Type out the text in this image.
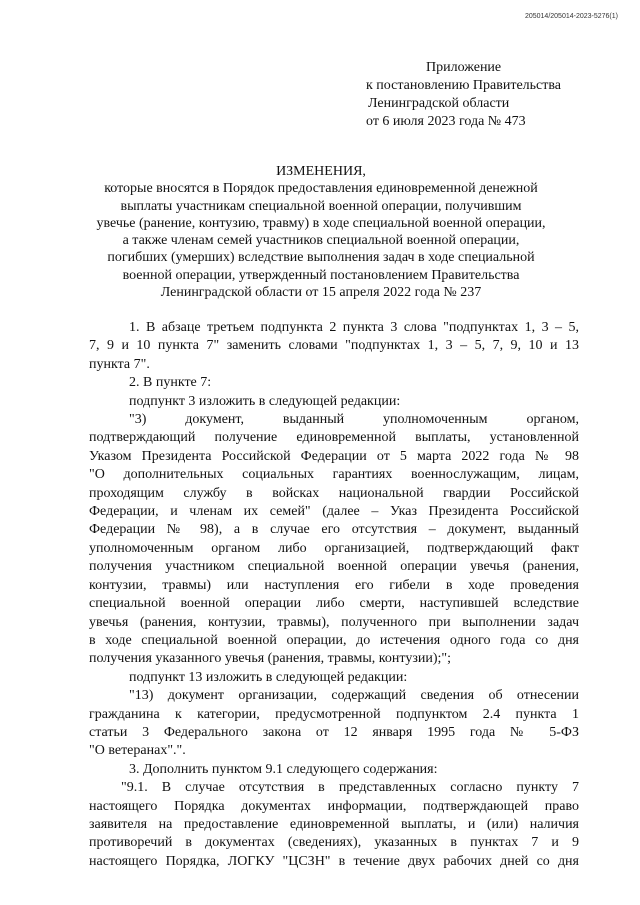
205014/205014-2023-5276(1)
Приложение
к постановлению Правительства
Ленинградской области
от 6 июля 2023 года № 473
ИЗМЕНЕНИЯ,
которые вносятся в Порядок предоставления единовременной денежной
выплаты участникам специальной военной операции, получившим
увечье (ранение, контузию, травму) в ходе специальной военной операции,
а также членам семей участников специальной военной операции,
погибших (умерших) вследствие выполнения задач в ходе специальной
военной операции, утвержденный постановлением Правительства
Ленинградской области от 15 апреля 2022 года № 237
1. В абзаце третьем подпункта 2 пункта 3 слова "подпунктах 1, 3 – 5,
7, 9 и 10 пункта 7" заменить словами "подпунктах 1, 3 – 5, 7, 9, 10 и 13
пункта 7".
2. В пункте 7:
подпункт 3 изложить в следующей редакции:
"3) документ, выданный уполномоченным органом,
подтверждающий получение единовременной выплаты, установленной
Указом Президента Российской Федерации от 5 марта 2022 года № 98
"О дополнительных социальных гарантиях военнослужащим, лицам,
проходящим службу в войсках национальной гвардии Российской
Федерации, и членам их семей" (далее – Указ Президента Российской
Федерации № 98), а в случае его отсутствия – документ, выданный
уполномоченным органом либо организацией, подтверждающий факт
получения участником специальной военной операции увечья (ранения,
контузии, травмы) или наступления его гибели в ходе проведения
специальной военной операции либо смерти, наступившей вследствие
увечья (ранения, контузии, травмы), полученного при выполнении задач
в ходе специальной военной операции, до истечения одного года со дня
получения указанного увечья (ранения, травмы, контузии);";
подпункт 13 изложить в следующей редакции:
"13) документ организации, содержащий сведения об отнесении
гражданина к категории, предусмотренной подпунктом 2.4 пункта 1
статьи 3 Федерального закона от 12 января 1995 года № 5-ФЗ
"О ветеранах".".
3. Дополнить пунктом 9.1 следующего содержания:
"9.1. В случае отсутствия в представленных согласно пункту 7
настоящего Порядка документах информации, подтверждающей право
заявителя на предоставление единовременной выплаты, и (или) наличия
противоречий в документах (сведениях), указанных в пунктах 7 и 9
настоящего Порядка, ЛОГКУ "ЦСЗН" в течение двух рабочих дней со дня
